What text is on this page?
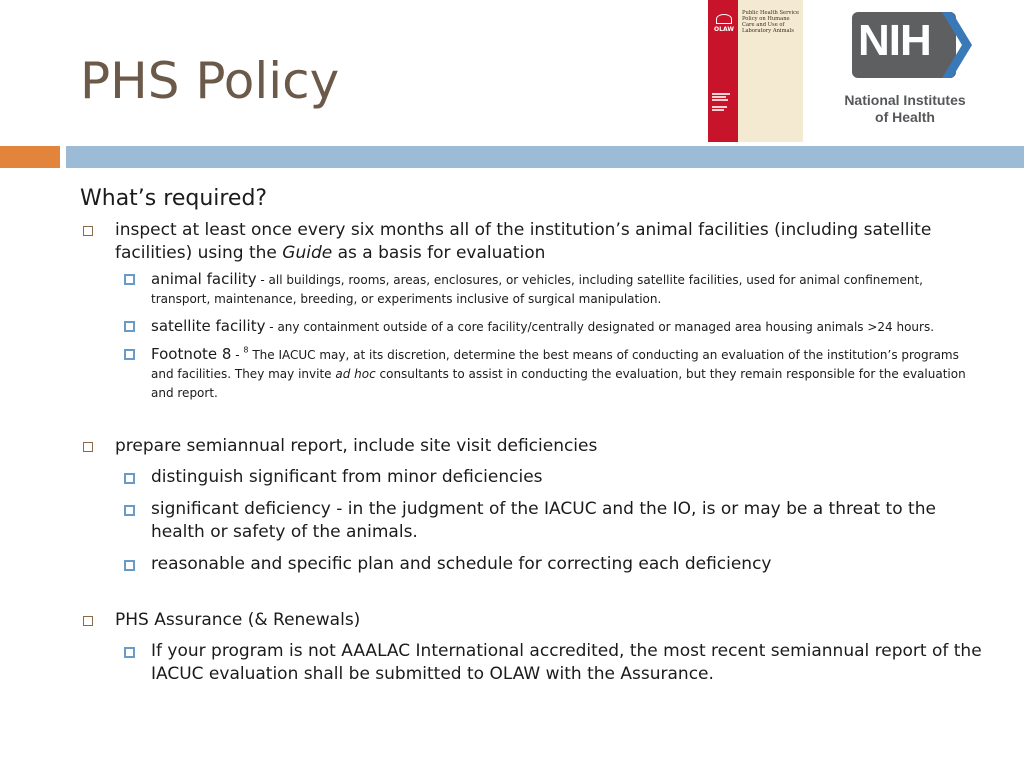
PHS Policy
OLAW
Public Health Service Policy on Humane Care and Use of Laboratory Animals NIH
National Institutes
of Health
What’s required?
inspect at least once every six months all of the institution’s animal facilities (including satellite facilities) using the Guide as a basis for evaluation
animal facility - all buildings, rooms, areas, enclosures, or vehicles, including satellite facilities, used for animal confinement, transport, maintenance, breeding, or experiments inclusive of surgical manipulation.
satellite facility - any containment outside of a core facility/centrally designated or managed area housing animals >24 hours.
Footnote 8 - $^8$ The IACUC may, at its discretion, determine the best means of conducting an evaluation of the institution’s programs and facilities. They may invite ad hoc consultants to assist in conducting the evaluation, but they remain responsible for the evaluation and report.
prepare semiannual report, include site visit deficiencies
distinguish significant from minor deficiencies
significant deficiency - in the judgment of the IACUC and the IO, is or may be a threat to the health or safety of the animals.
reasonable and specific plan and schedule for correcting each deficiency
PHS Assurance (& Renewals)
If your program is not AAALAC International accredited, the most recent semiannual report of the IACUC evaluation shall be submitted to OLAW with the Assurance.
